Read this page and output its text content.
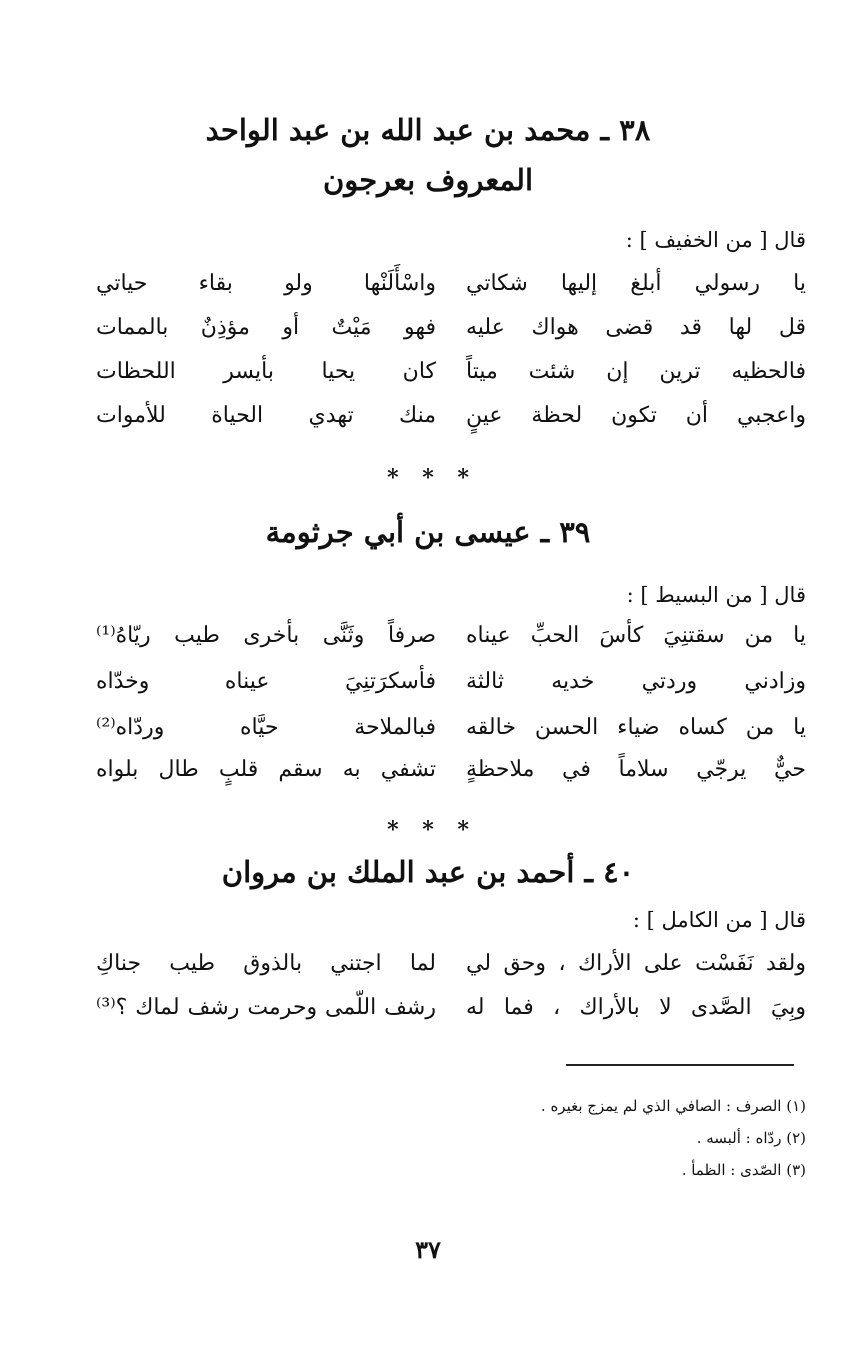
٣٨ ـ محمد بن عبد الله بن عبد الواحد
المعروف بعرجون
قال [ من الخفيف ] :
يا رسولي أبلغ إليها شكاتي
واسْأَلَنْها ولو بقاء حياتي
قل لها قد قضى هواك عليه
فهو مَيْتٌ أو مؤذِنٌ بالممات
فالحظيه ترين إن شئت ميتاً
كان يحيا بأيسر اللحظات
واعجبي أن تكون لحظة عينٍ
منك تهدي الحياة للأموات
* * *
٣٩ ـ عيسى بن أبي جرثومة
قال [ من البسيط ] :
يا من سقتنِيَ كأسَ الحبِّ عيناه
صرفاً وثَنَّى بأخرى طيب ريّاهُ⁽¹⁾
وزادني وردتي خديه ثالثة
فأسكرَتنِيَ عيناه وخدّاه
يا من كساه ضياء الحسن خالقه
فبالملاحة حيَّاه وردّاه⁽²⁾
حيٌّ يرجّي سلاماً في ملاحظةٍ
تشفي به سقم قلبٍ طال بلواه
* * *
٤٠ ـ أحمد بن عبد الملك بن مروان
قال [ من الكامل ] :
ولقد نَفَسْت على الأراك ، وحق لي
لما اجتني بالذوق طيب جناكِ
وبِيَ الصَّدى لا بالأراك ، فما له
رشف اللّمى وحرمت رشف لماك ؟⁽³⁾
(١) الصرف : الصافي الذي لم يمزج بغيره .
(٢) ردّاه : ألبسه .
(٣) الصّدى : الظمأ .
٣٧
